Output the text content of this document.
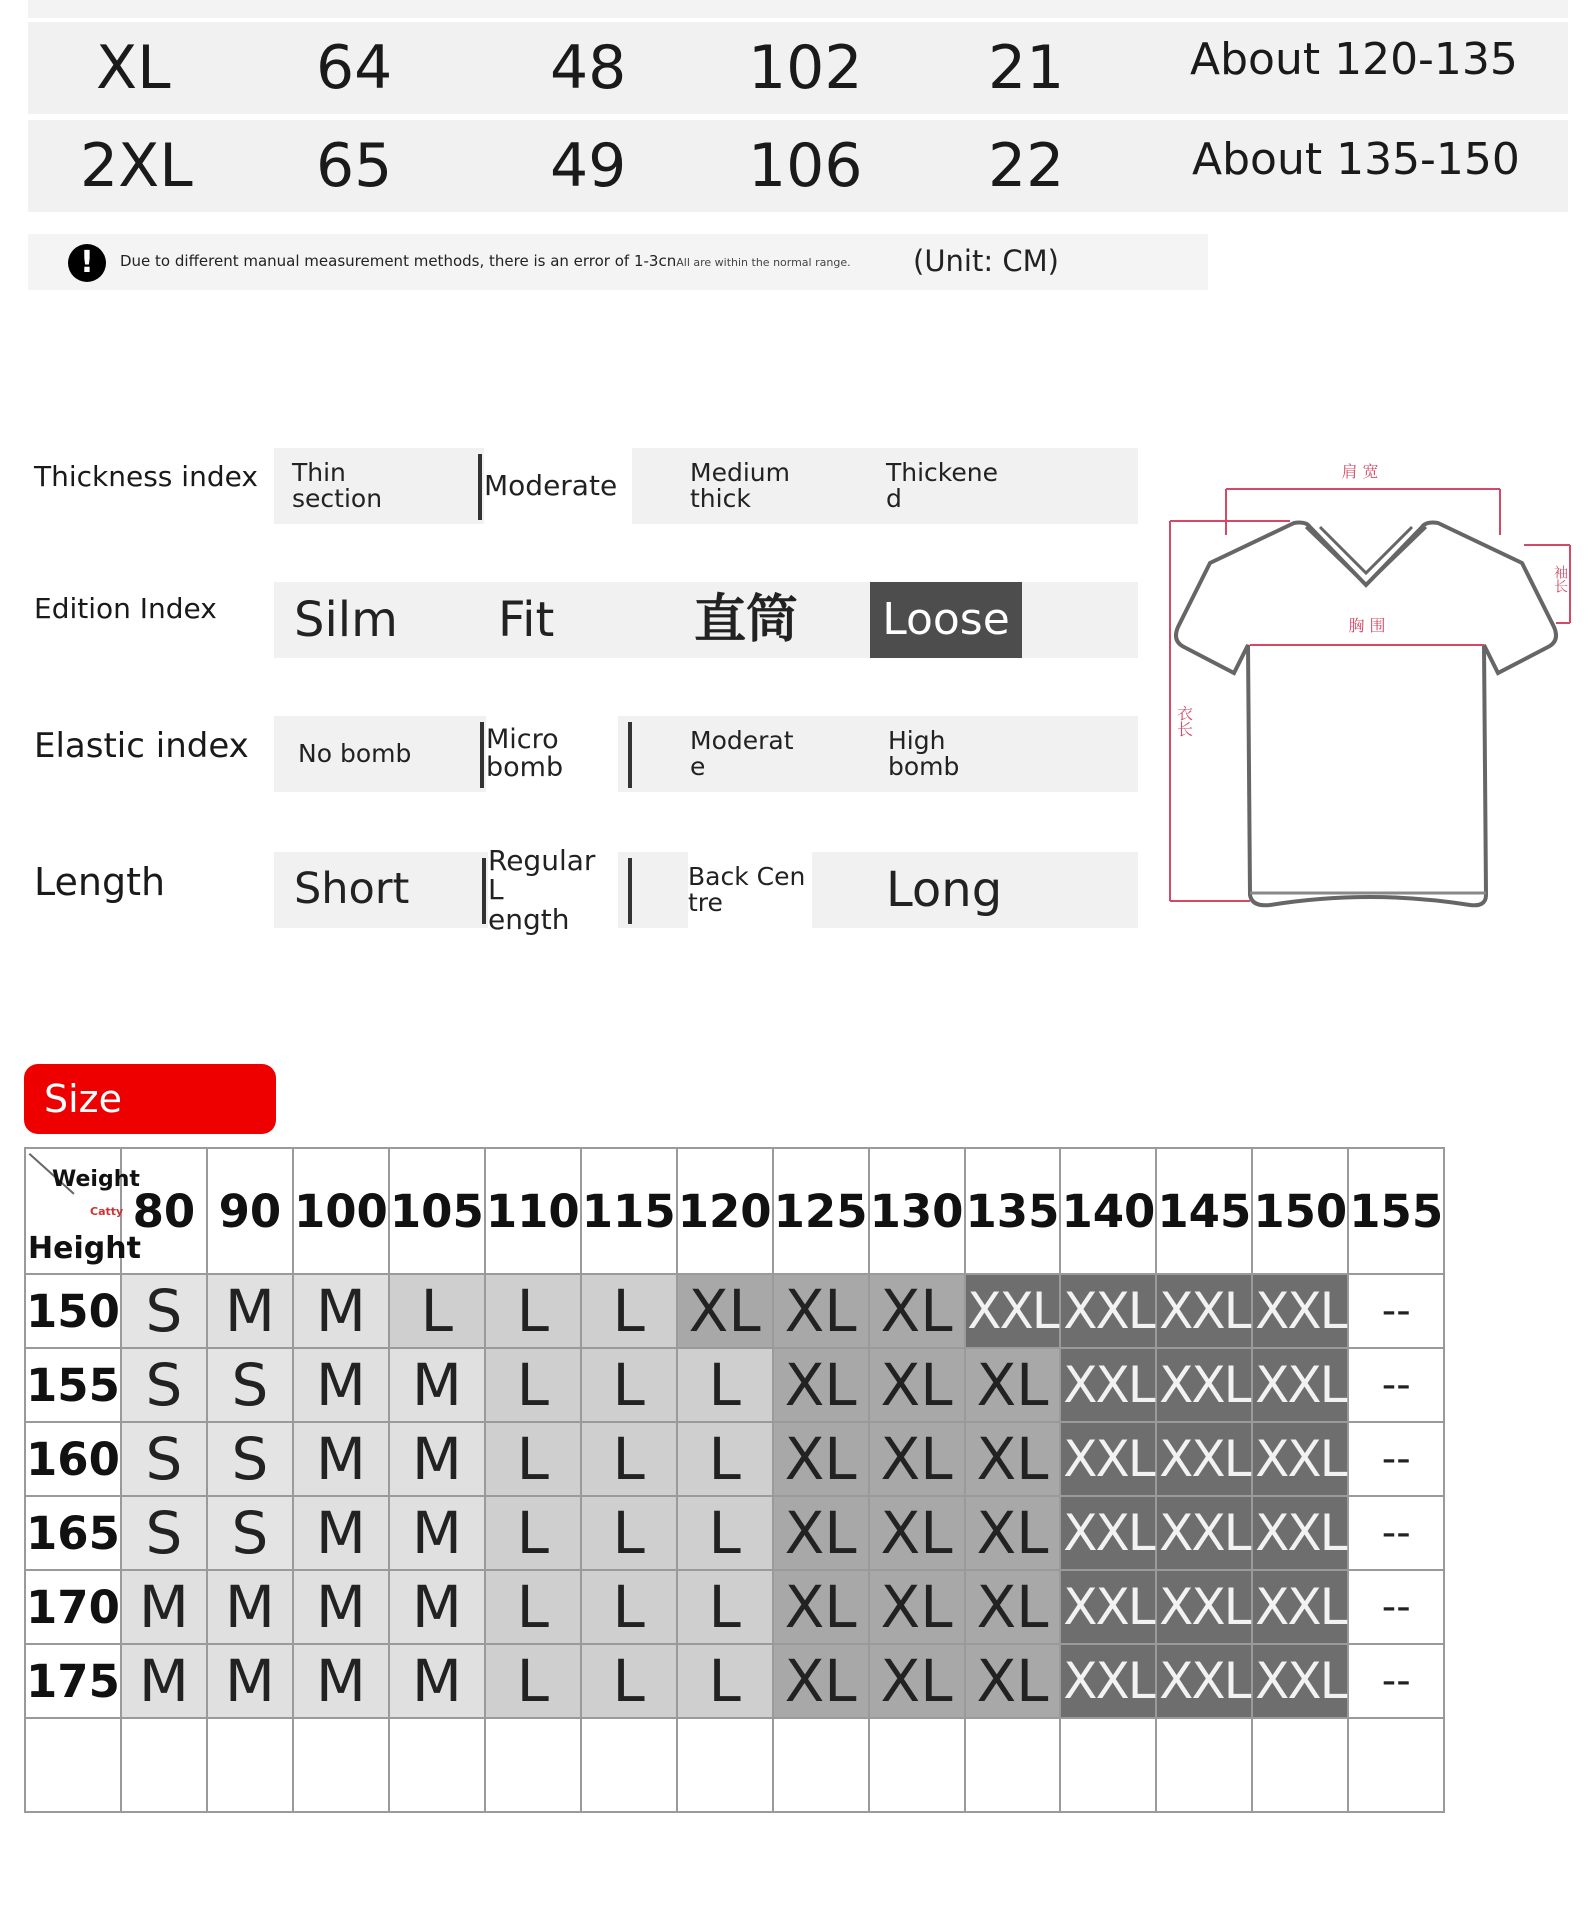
XL 64	48 102 21	About 120-135
2XL 65	49 106 22	About 135-150
!	Due to different manual measurement methods, there is an error of 1-3cnAll are within the normal range. (Unit: CM)
Thickness index Thin
section	Moderate	Medium
thick
Thickene
d
Edition Index Silm	Fit	直筒	Loose
Elastic index No bomb	Micro
bomb
Moderat
e
High
bomb
Length	Short
Regular L
ength
Back Cen
tre	Long
肩 宽
胸 围
衣长
袖长
Size
Weight
Catty
Height	80	90	100	105	110	115	120	125	130	135	140	145	150	155
150	S	M	M	L	L	L	XL	XL	XL	XXL	XXL	XXL	XXL	--
155	S	S	M	M	L	L	L	XL	XL	XL	XXL	XXL	XXL	--
160	S	S	M	M	L	L	L	XL	XL	XL	XXL	XXL	XXL	--
165	S	S	M	M	L	L	L	XL	XL	XL	XXL	XXL	XXL	--
170	M	M	M	M	L	L	L	XL	XL	XL	XXL	XXL	XXL	--
175	M	M	M	M	L	L	L	XL	XL	XL	XXL	XXL	XXL	--
